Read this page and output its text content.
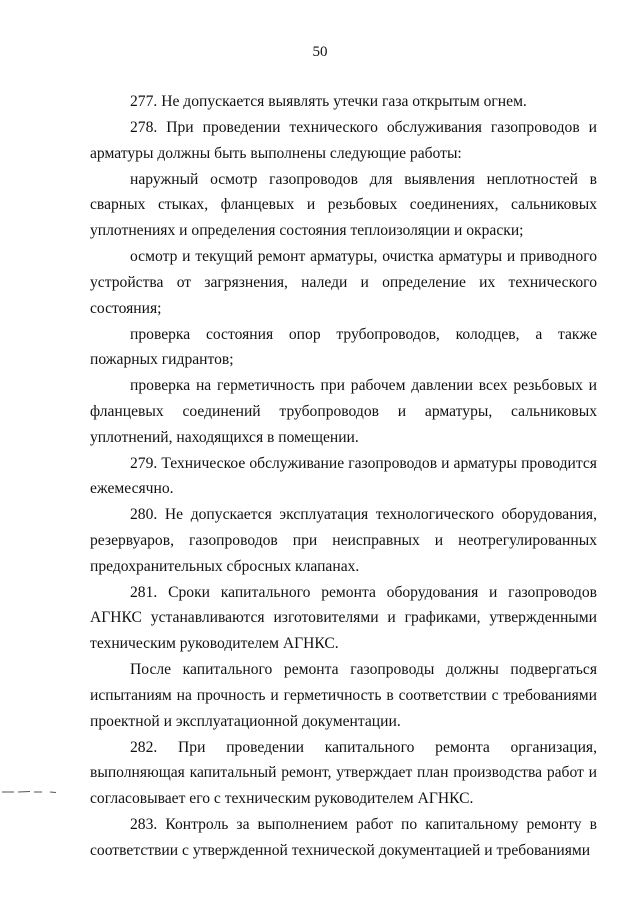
50

277. Не допускается выявлять утечки газа открытым огнем.

278. При проведении технического обслуживания газопроводов и арматуры должны быть выполнены следующие работы:

наружный осмотр газопроводов для выявления неплотностей в сварных стыках, фланцевых и резьбовых соединениях, сальниковых уплотнениях и определения состояния теплоизоляции и окраски;

осмотр и текущий ремонт арматуры, очистка арматуры и приводного устройства от загрязнения, наледи и определение их технического состояния;

проверка состояния опор трубопроводов, колодцев, а также пожарных гидрантов;

проверка на герметичность при рабочем давлении всех резьбовых и фланцевых соединений трубопроводов и арматуры, сальниковых уплотнений, находящихся в помещении.

279. Техническое обслуживание газопроводов и арматуры проводится ежемесячно.

280. Не допускается эксплуатация технологического оборудования, резервуаров, газопроводов при неисправных и неотрегулированных предохранительных сбросных клапанах.

281. Сроки капитального ремонта оборудования и газопроводов АГНКС устанавливаются изготовителями и графиками, утвержденными техническим руководителем АГНКС.

После капитального ремонта газопроводы должны подвергаться испытаниям на прочность и герметичность в соответствии с требованиями проектной и эксплуатационной документации.

282. При проведении капитального ремонта организация, выполняющая капитальный ремонт, утверждает план производства работ и согласовывает его с техническим руководителем АГНКС.

283. Контроль за выполнением работ по капитальному ремонту в соответствии с утвержденной технической документацией и требованиями
